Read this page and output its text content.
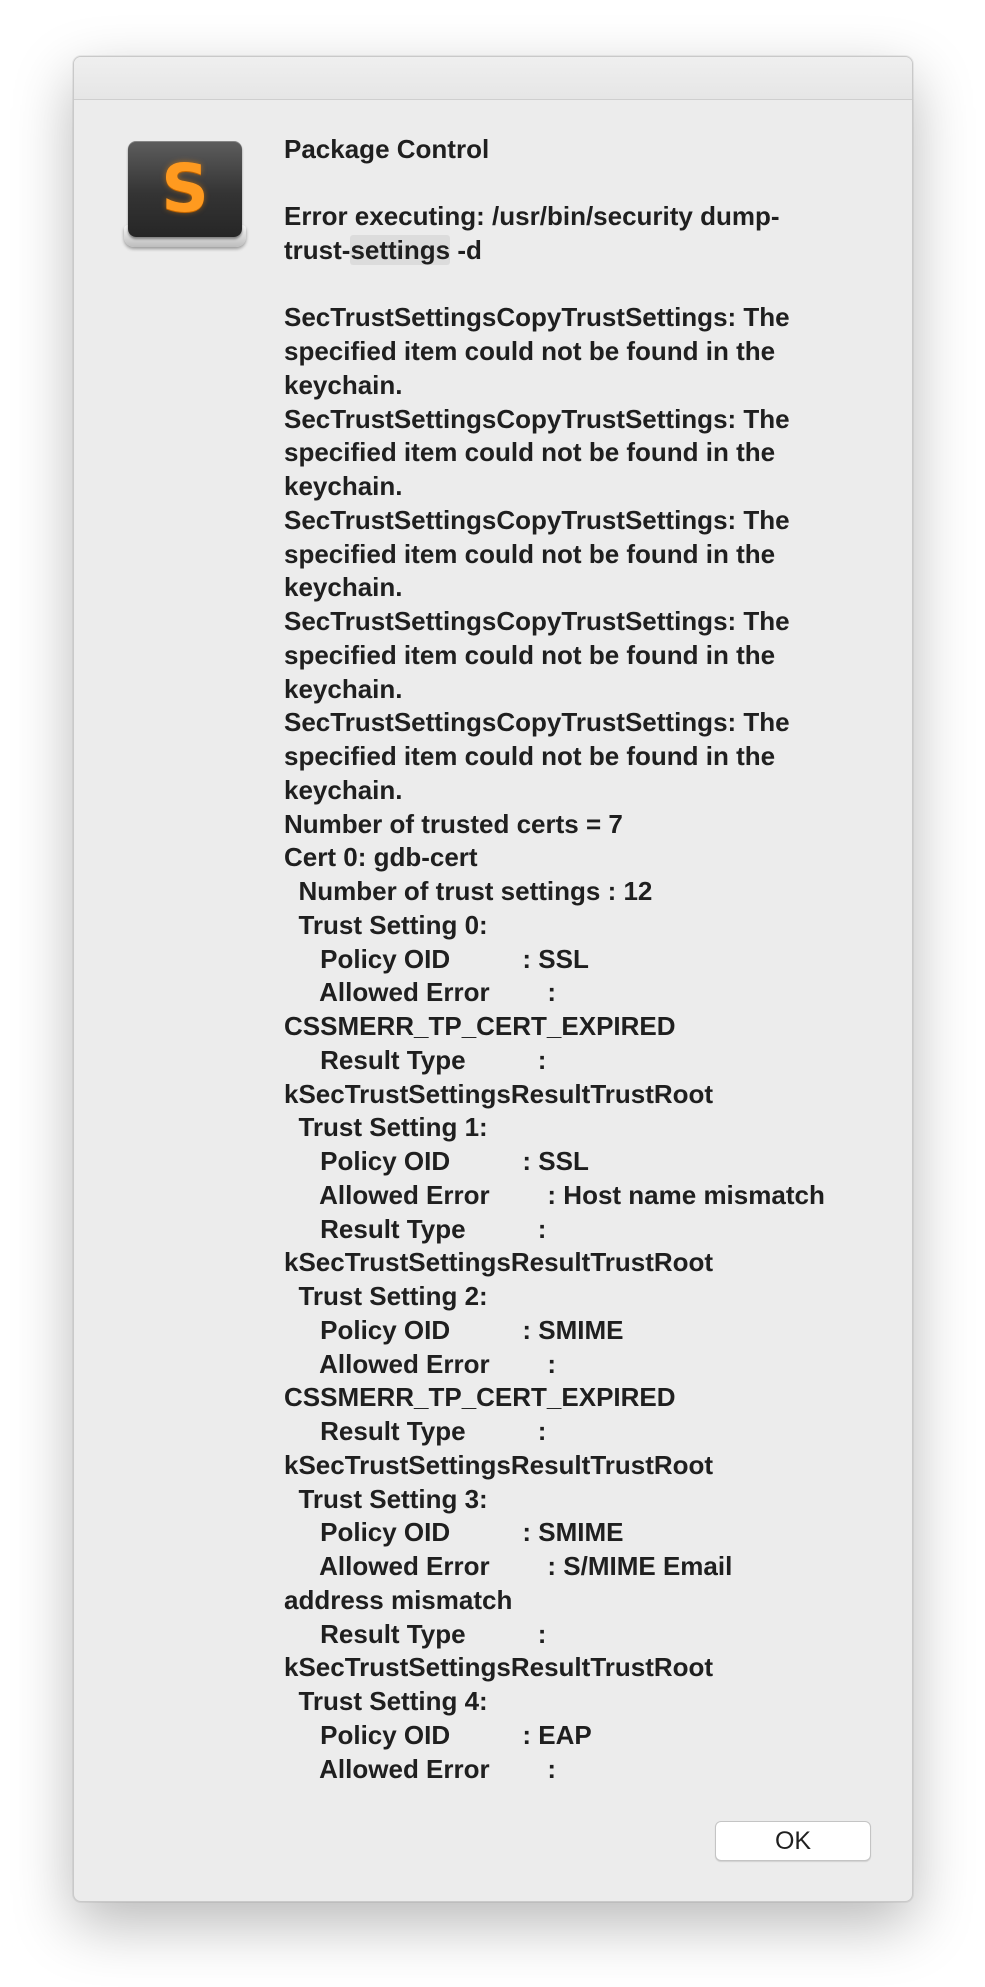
S
Package Control
Error executing: /usr/bin/security dump-
trust-settings -d

SecTrustSettingsCopyTrustSettings: The
specified item could not be found in the
keychain.
SecTrustSettingsCopyTrustSettings: The
specified item could not be found in the
keychain.
SecTrustSettingsCopyTrustSettings: The
specified item could not be found in the
keychain.
SecTrustSettingsCopyTrustSettings: The
specified item could not be found in the
keychain.
SecTrustSettingsCopyTrustSettings: The
specified item could not be found in the
keychain.
Number of trusted certs = 7
Cert 0: gdb-cert
Number of trust settings : 12
Trust Setting 0:
Policy OID          : SSL
Allowed Error        :
CSSMERR_TP_CERT_EXPIRED
Result Type          :
kSecTrustSettingsResultTrustRoot
Trust Setting 1:
Policy OID          : SSL
Allowed Error        : Host name mismatch
Result Type          :
kSecTrustSettingsResultTrustRoot
Trust Setting 2:
Policy OID          : SMIME
Allowed Error        :
CSSMERR_TP_CERT_EXPIRED
Result Type          :
kSecTrustSettingsResultTrustRoot
Trust Setting 3:
Policy OID          : SMIME
Allowed Error        : S/MIME Email
address mismatch
Result Type          :
kSecTrustSettingsResultTrustRoot
Trust Setting 4:
Policy OID          : EAP
Allowed Error        :
OK
